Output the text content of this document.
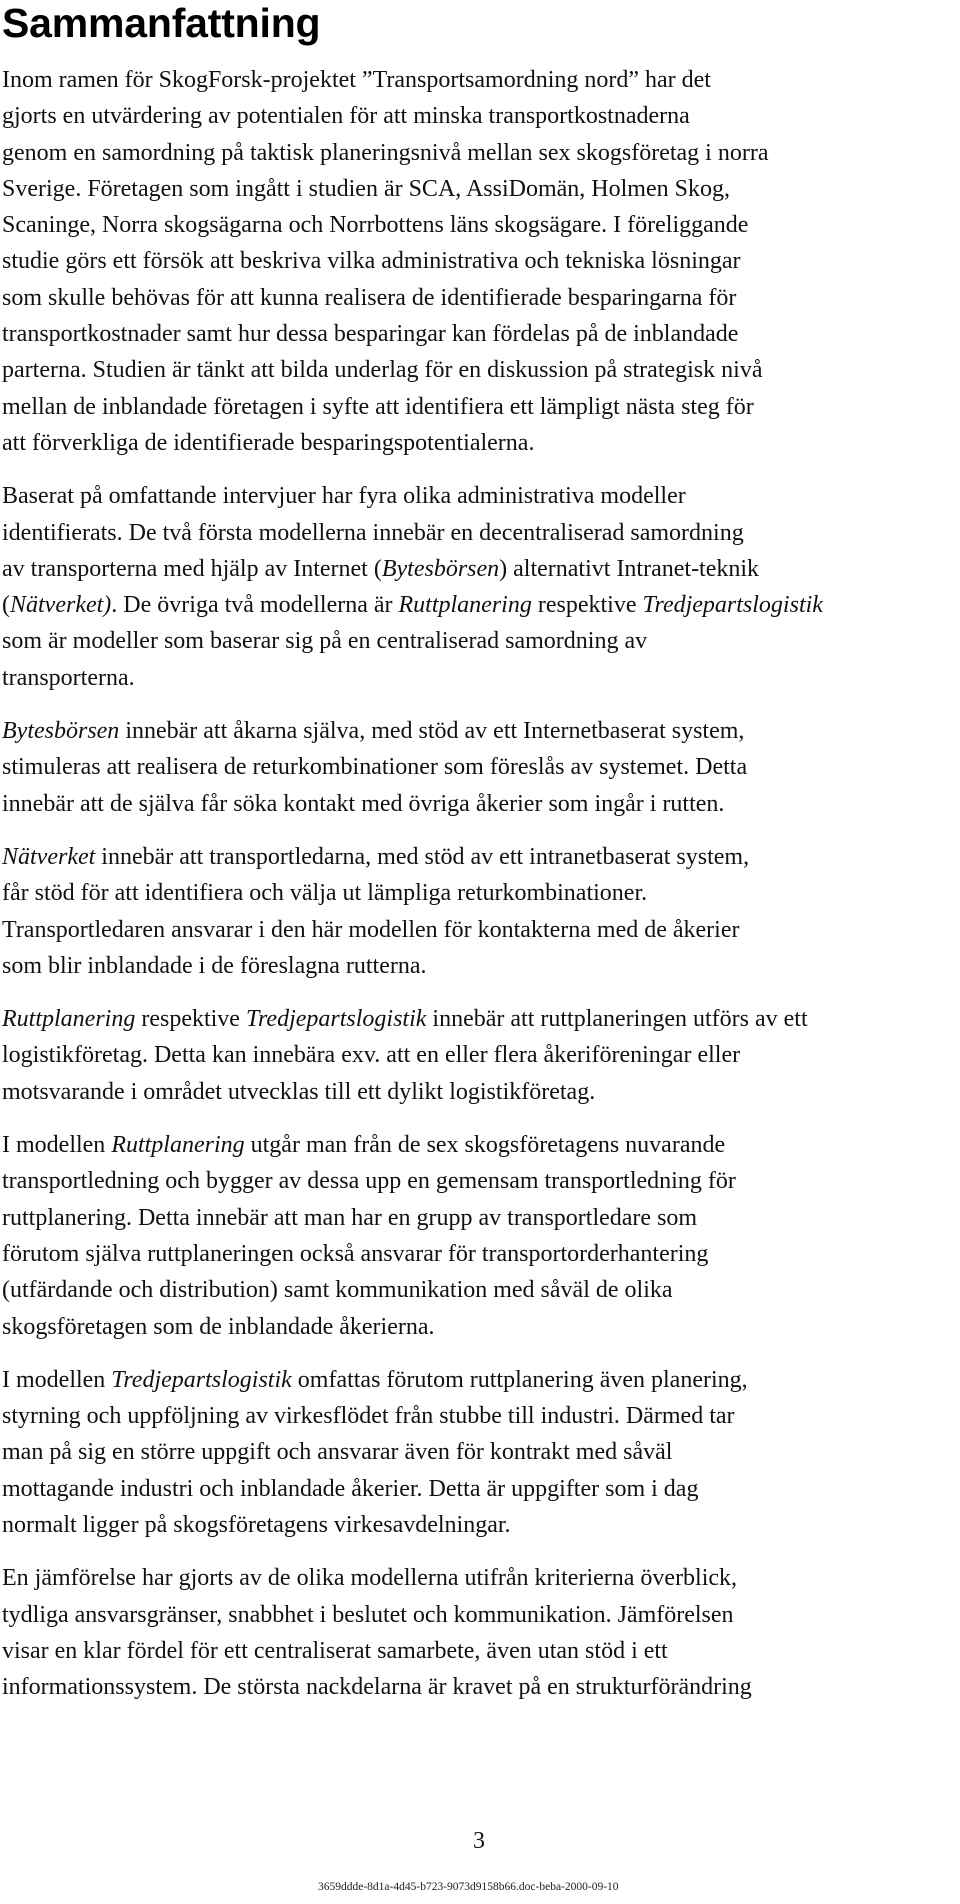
Sammanfattning
Inom ramen för SkogForsk-projektet ”Transportsamordning nord” har det
gjorts en utvärdering av potentialen för att minska transportkostnaderna
genom en samordning på taktisk planeringsnivå mellan sex skogsföretag i norra
Sverige. Företagen som ingått i studien är SCA, AssiDomän, Holmen Skog,
Scaninge, Norra skogsägarna och Norrbottens läns skogsägare. I föreliggande
studie görs ett försök att beskriva vilka administrativa och tekniska lösningar
som skulle behövas för att kunna realisera de identifierade besparingarna för
transportkostnader samt hur dessa besparingar kan fördelas på de inblandade
parterna. Studien är tänkt att bilda underlag för en diskussion på strategisk nivå
mellan de inblandade företagen i syfte att identifiera ett lämpligt nästa steg för
att förverkliga de identifierade besparingspotentialerna.
Baserat på omfattande intervjuer har fyra olika administrativa modeller
identifierats. De två första modellerna innebär en decentraliserad samordning
av transporterna med hjälp av Internet (Bytesbörsen) alternativt Intranet-teknik
(Nätverket). De övriga två modellerna är Ruttplanering respektive Tredjepartslogistik
som är modeller som baserar sig på en centraliserad samordning av
transporterna.
Bytesbörsen innebär att åkarna själva, med stöd av ett Internetbaserat system,
stimuleras att realisera de returkombinationer som föreslås av systemet. Detta
innebär att de själva får söka kontakt med övriga åkerier som ingår i rutten.
Nätverket innebär att transportledarna, med stöd av ett intranetbaserat system,
får stöd för att identifiera och välja ut lämpliga returkombinationer.
Transportledaren ansvarar i den här modellen för kontakterna med de åkerier
som blir inblandade i de föreslagna rutterna.
Ruttplanering respektive Tredjepartslogistik innebär att ruttplaneringen utförs av ett
logistikföretag. Detta kan innebära exv. att en eller flera åkeriföreningar eller
motsvarande i området utvecklas till ett dylikt logistikföretag.
I modellen Ruttplanering utgår man från de sex skogsföretagens nuvarande
transportledning och bygger av dessa upp en gemensam transportledning för
ruttplanering. Detta innebär att man har en grupp av transportledare som
förutom själva ruttplaneringen också ansvarar för transportorderhantering
(utfärdande och distribution) samt kommunikation med såväl de olika
skogsföretagen som de inblandade åkerierna.
I modellen Tredjepartslogistik omfattas förutom ruttplanering även planering,
styrning och uppföljning av virkesflödet från stubbe till industri. Därmed tar
man på sig en större uppgift och ansvarar även för kontrakt med såväl
mottagande industri och inblandade åkerier. Detta är uppgifter som i dag
normalt ligger på skogsföretagens virkesavdelningar.
En jämförelse har gjorts av de olika modellerna utifrån kriterierna överblick,
tydliga ansvarsgränser, snabbhet i beslutet och kommunikation. Jämförelsen
visar en klar fördel för ett centraliserat samarbete, även utan stöd i ett
informationssystem. De största nackdelarna är kravet på en strukturförändring
3
3659ddde-8d1a-4d45-b723-9073d9158b66.doc-beba-2000-09-10
